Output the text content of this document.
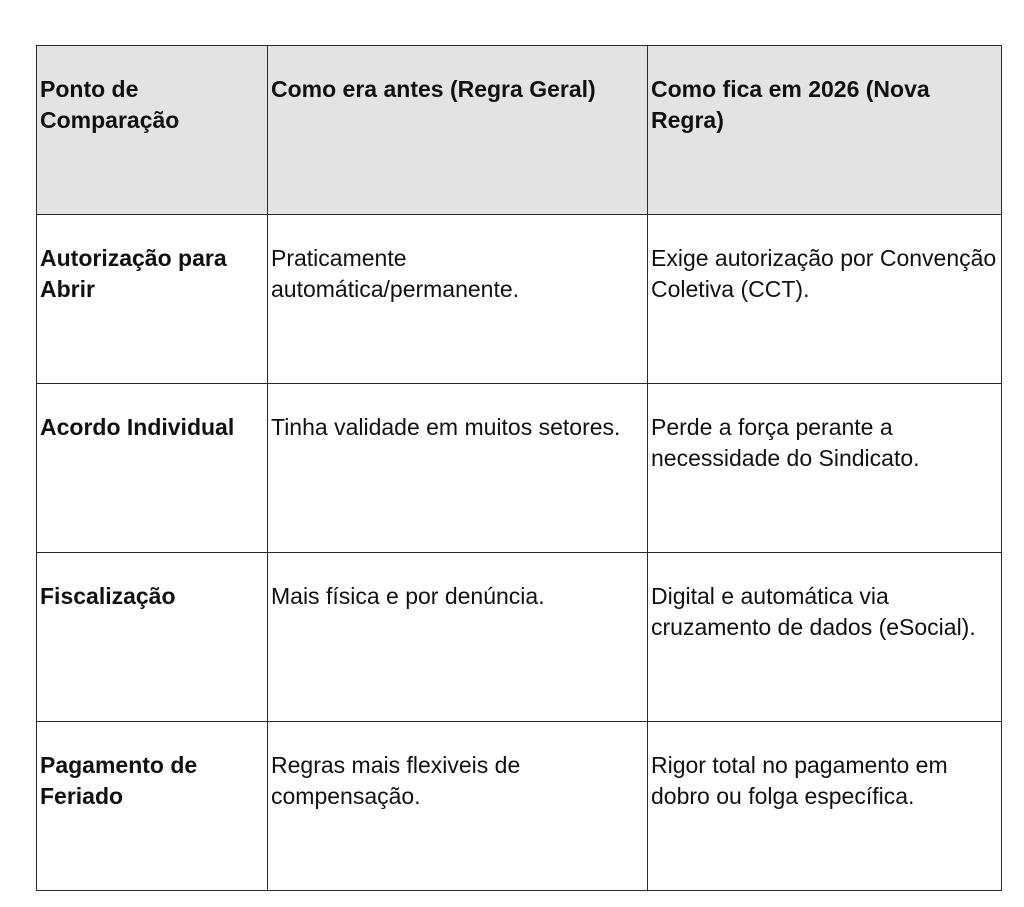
Ponto de Comparação	Como era antes (Regra Geral)	Como fica em 2026 (Nova Regra)
Autorização para Abrir	Praticamente automática/permanente.	Exige autorização por Convenção Coletiva (CCT).
Acordo Individual	Tinha validade em muitos setores.	Perde a força perante a necessidade do Sindicato.
Fiscalização	Mais física e por denúncia.	Digital e automática via cruzamento de dados (eSocial).
Pagamento de Feriado	Regras mais flexiveis de compensação.	Rigor total no pagamento em dobro ou folga específica.
